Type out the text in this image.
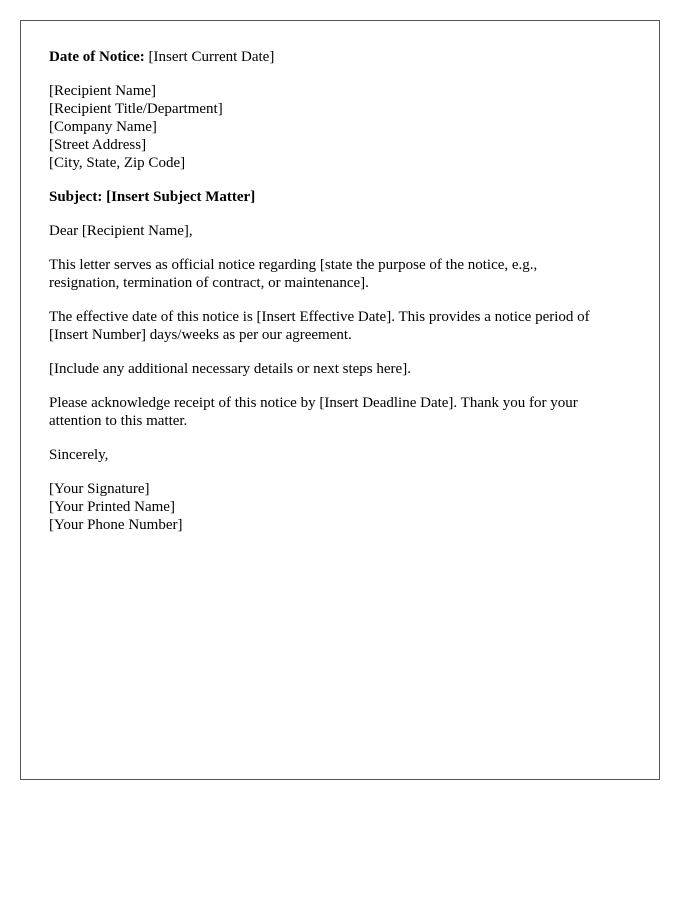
Date of Notice: [Insert Current Date]

[Recipient Name]
[Recipient Title/Department]
[Company Name]
[Street Address]
[City, State, Zip Code]

Subject: [Insert Subject Matter]

Dear [Recipient Name],

This letter serves as official notice regarding [state the purpose of the notice, e.g.,
resignation, termination of contract, or maintenance].

The effective date of this notice is [Insert Effective Date]. This provides a notice period of
[Insert Number] days/weeks as per our agreement.

[Include any additional necessary details or next steps here].

Please acknowledge receipt of this notice by [Insert Deadline Date]. Thank you for your
attention to this matter.

Sincerely,

[Your Signature]
[Your Printed Name]
[Your Phone Number]
